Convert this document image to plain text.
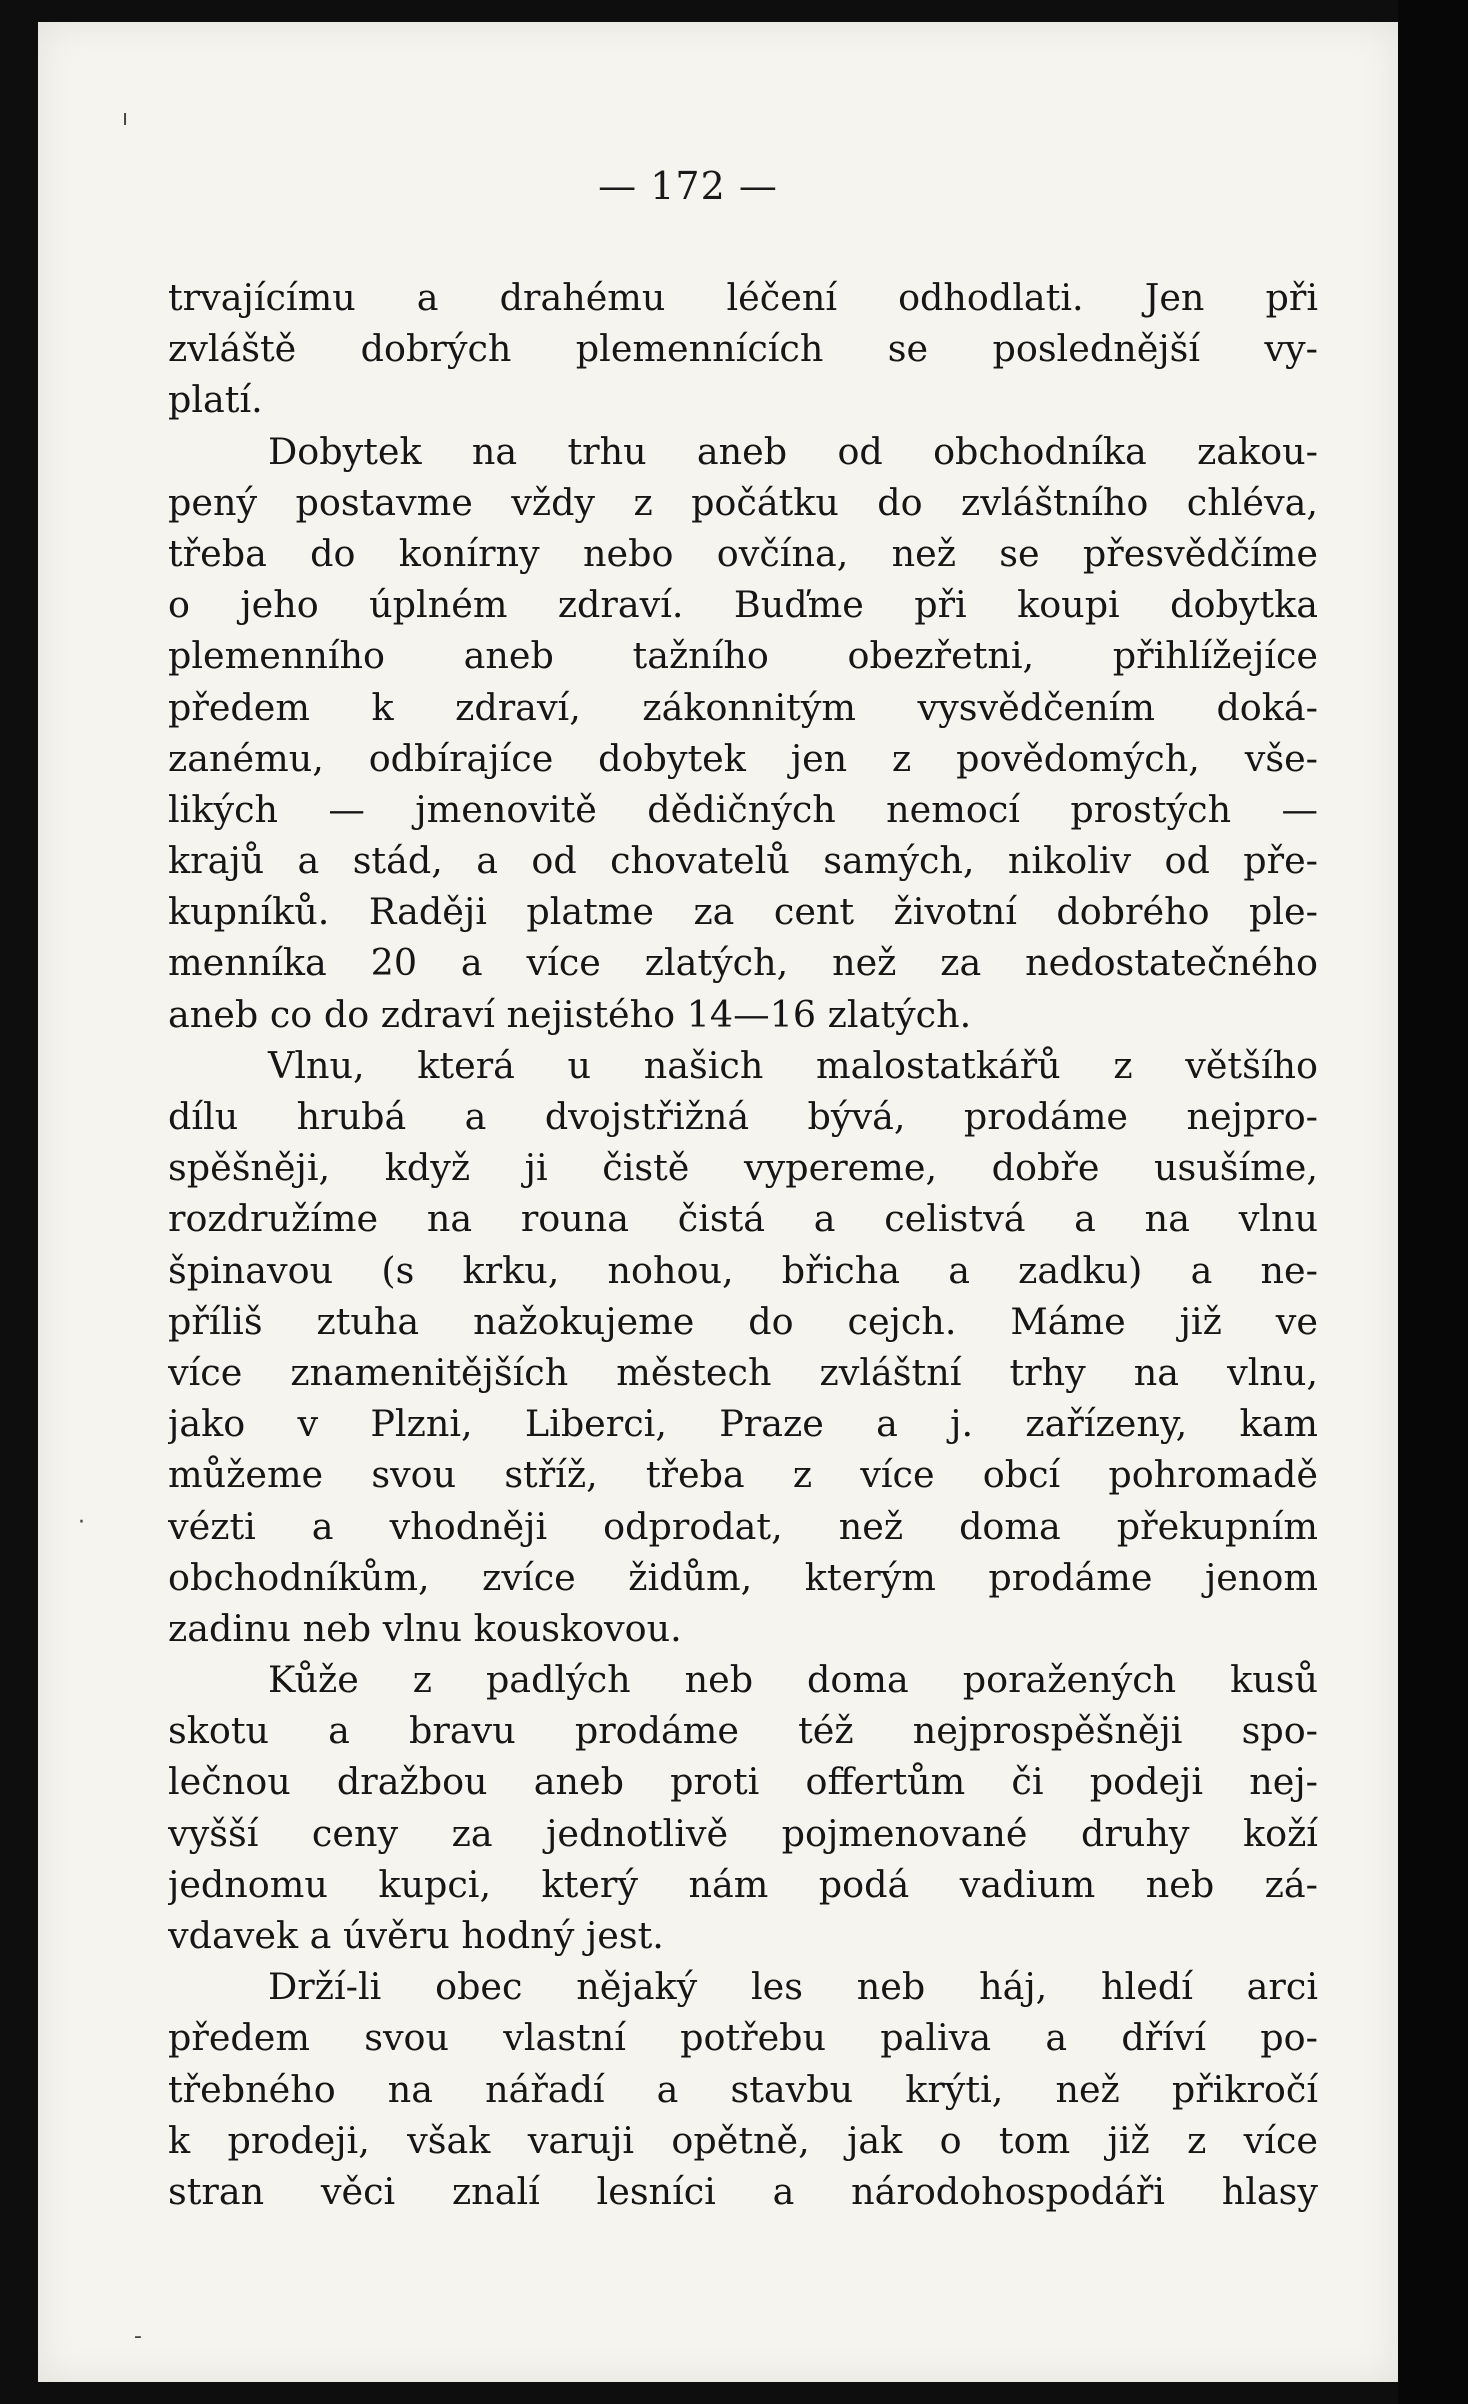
— 172 —
trvajícímu a drahému léčení odhodlati. Jen při
zvláště dobrých plemennících se poslednější vy-
platí.
Dobytek na trhu aneb od obchodníka zakou-
pený postavme vždy z počátku do zvláštního chléva,
třeba do konírny nebo ovčína, než se přesvědčíme
o jeho úplném zdraví. Buďme při koupi dobytka
plemenního aneb tažního obezřetni, přihlížejíce
předem k zdraví, zákonnitým vysvědčením doká-
zanému, odbírajíce dobytek jen z povědomých, vše-
likých — jmenovitě dědičných nemocí prostých —
krajů a stád, a od chovatelů samých, nikoliv od pře-
kupníků. Raději platme za cent životní dobrého ple-
menníka 20 a více zlatých, než za nedostatečného
aneb co do zdraví nejistého 14—16 zlatých.
Vlnu, která u našich malostatkářů z většího
dílu hrubá a dvojstřižná bývá, prodáme nejpro-
spěšněji, když ji čistě vypereme, dobře usušíme,
rozdružíme na rouna čistá a celistvá a na vlnu
špinavou (s krku, nohou, břicha a zadku) a ne-
příliš ztuha nažokujeme do cejch. Máme již ve
více znamenitějších městech zvláštní trhy na vlnu,
jako v Plzni, Liberci, Praze a j. zařízeny, kam
můžeme svou stříž, třeba z více obcí pohromadě
vézti a vhodněji odprodat, než doma překupním
obchodníkům, zvíce židům, kterým prodáme jenom
zadinu neb vlnu kouskovou.
Kůže z padlých neb doma poražených kusů
skotu a bravu prodáme též nejprospěšněji spo-
lečnou dražbou aneb proti offertům či podeji nej-
vyšší ceny za jednotlivě pojmenované druhy koží
jednomu kupci, který nám podá vadium neb zá-
vdavek a úvěru hodný jest.
Drží-li obec nějaký les neb háj, hledí arci
předem svou vlastní potřebu paliva a dříví po-
třebného na nářadí a stavbu krýti, než přikročí
k prodeji, však varuji opětně, jak o tom již z více
stran věci znalí lesníci a národohospodáři hlasy
ı
·
-
